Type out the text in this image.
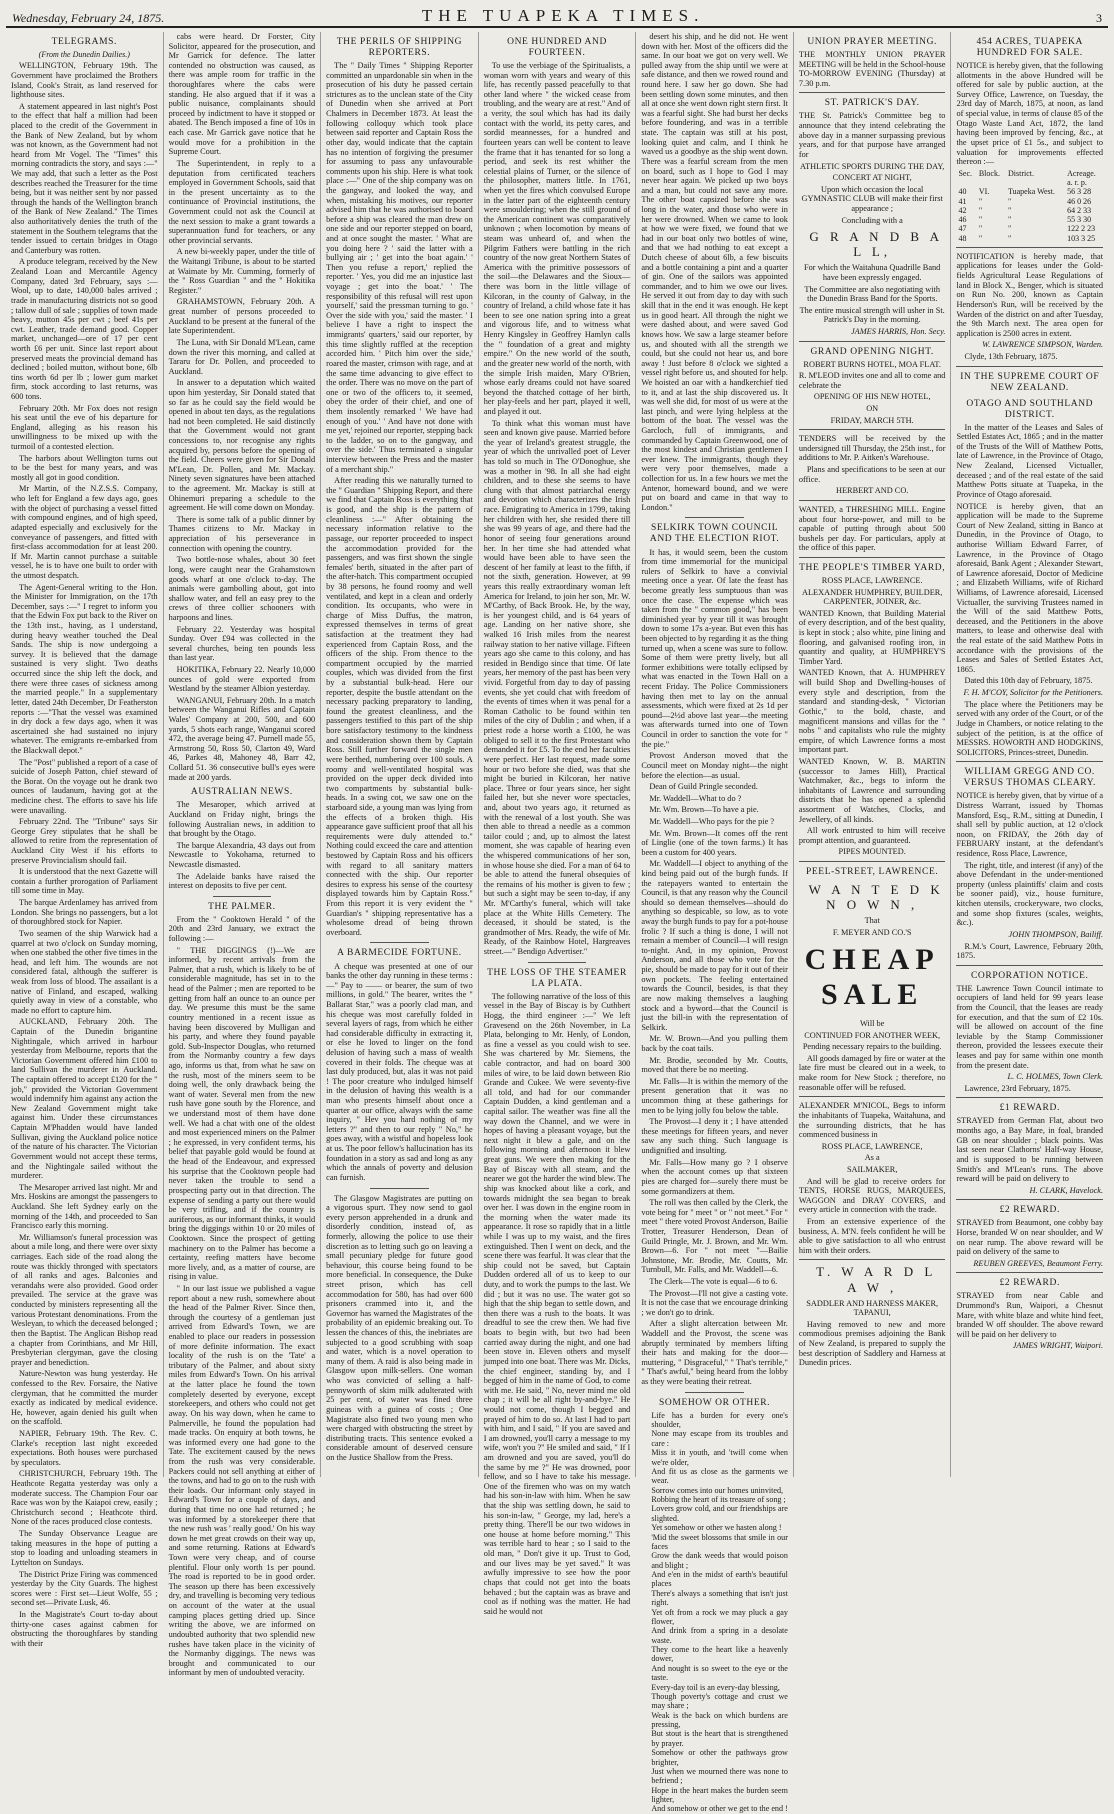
Wednesday, February 24, 1875.	THE TUAPEKA TIMES.	3
TELEGRAMS.
(From the Dunedin Dailies.)

WELLINGTON, February 19th. The Government have proclaimed the Brothers Island, Cook's Strait, as land reserved for lighthouse sites.

A statement appeared in last night's Post to the effect that half a million had been placed to the credit of the Government in the Bank of New Zealand, but by whom was not known, as the Government had not heard from Mr Vogel. The "Times" this morning contradicts the story, and says :—" We may add, that such a letter as the Post describes reached the Treasurer for the time being, but it was neither sent by nor passed through the hands of the Wellington branch of the Bank of New Zealand." The Times also authoritatively denies the truth of the statement in the Southern telegrams that the tender issued to certain bridges in Otago and Canterbury was rotten.

A produce telegram, received by the New Zealand Loan and Mercantile Agency Company, dated 3rd February, says :—Wool, up to date, 140,000 bales arrived ; trade in manufacturing districts not so good ; tallow dull of sale ; supplies of town made heavy, mutton 45s per cwt ; beef 41s per cwt. Leather, trade demand good. Copper market, unchanged—ore of 17 per cent worth £6 per unit. Since last report about preserved meats the provincial demand has declined ; boiled mutton, without bone, 6lb tins worth 6d per lb ; lower gum market firm, stock according to last returns, was 600 tons.

February 20th. Mr Fox does not resign his seat until the eve of his departure for England, alleging as his reason his unwillingness to be mixed up with the turmoil of a contested election.

The harbors about Wellington turns out to be the best for many years, and was mostly all got in good condition.

Mr Martin, of the N.Z.S.S. Company, who left for England a few days ago, goes with the object of purchasing a vessel fitted with compound engines, and of high speed, adapted especially and exclusively for the conveyance of passengers, and fitted with first-class accommodation for at least 200. If Mr. Martin cannot purchase a suitable vessel, he is to have one built to order with the utmost despatch.

The Agent-General writing to the Hon. the Minister for Immigration, on the 17th December, says :—" I regret to inform you that the Edwin Fox put back to the River on the 13th inst., having, as I understand, during heavy weather touched the Deal Sands. The ship is now undergoing a survey. It is believed that the damage sustained is very slight. Two deaths occurred since the ship left the dock, and there were three cases of sickness among the married people." In a supplementary letter, dated 24th December, Dr Featherston reports :—"That the vessel was examined in dry dock a few days ago, when it was ascertained she had sustained no injury whatever. The emigrants re-embarked from the Blackwall depot."

The "Post" published a report of a case of suicide of Joseph Patton, chief steward of the Borat. On the voyage out he drank two ounces of laudanum, having got at the medicine chest. The efforts to save his life were unavailing.

February 22nd. The "Tribune" says Sir George Grey stipulates that he shall be allowed to retire from the representation of Auckland City West if his efforts to preserve Provincialism should fail.

It is understood that the next Gazette will contain a further prorogation of Parliament till some time in May.

The barque Ardenlamey has arrived from London. She brings no passengers, but a lot of thoroughbred stock for Napier.

Two seamen of the ship Warwick had a quarrel at two o'clock on Sunday morning, when one stabbed the other five times in the head, and left him. The wounds are not considered fatal, although the sufferer is weak from loss of blood. The assailant is a native of Finland, and escaped, walking quietly away in view of a constable, who made no effort to capture him.

AUCKLAND, February 20th. The Captain of the Dunedin brigantine Nightingale, which arrived in harbour yesterday from Melbourne, reports that the Victorian Government offered him £100 to land Sullivan the murderer in Auckland. The captain offered to accept £120 for the " job," provided the Victorian Government would indemnify him against any action the New Zealand Government might take against him. Under these circumstances Captain M'Phadden would have landed Sullivan, giving the Auckland police notice of the nature of his character. The Victorian Government would not accept these terms, and the Nightingale sailed without the murderer.

The Mesaroper arrived last night. Mr and Mrs. Hoskins are amongst the passengers to Auckland. She left Sydney early on the morning of the 14th, and proceeded to San Francisco early this morning.

Mr. Williamson's funeral procession was about a mile long, and there were over sixty carriages. Each side of the road along the route was thickly thronged with spectators of all ranks and ages. Balconies and verandahs were also provided. Good order prevailed. The service at the grave was conducted by ministers representing all the various Protestant denominations. From the Wesleyan, to which the deceased belonged ; then the Baptist. The Anglican Bishop read a chapter from Corinthians, and Mr Hill, Presbyterian clergyman, gave the closing prayer and benediction.

Nature-Newton was hung yesterday. He confessed to the Rev. Forsaire, the Native clergyman, that he committed the murder exactly as indicated by medical evidence. He, however, again denied his guilt when on the scaffold.

NAPIER, February 19th. The Rev. C. Clarke's reception last night exceeded expectations. Both houses were purchased by speculators.

CHRISTCHURCH, February 19th. The Heathcote Regatta yesterday was only a moderate success. The Champion Four oar Race was won by the Kaiapoi crew, easily ; Christchurch second ; Heathcote third. None of the races produced close contests.

The Sunday Observance League are taking measures in the hope of putting a stop to loading and unloading steamers in Lyttelton on Sundays.

The District Prize Firing was commenced yesterday by the City Guards. The highest scores were : First set—Lieut Wolfe, 55 ; second set—Private Lusk, 46.

In the Magistrate's Court to-day about thirty-one cases against cabmen for obstructing the thoroughfares by standing with their

cabs were heard. Dr Forster, City Solicitor, appeared for the prosecution, and Mr Garrick for defence. The latter contended no obstruction was caused, as there was ample room for traffic in the thoroughfares where the cabs were standing. He also argued that if it was a public nuisance, complainants should proceed by indictment to have it stopped or abated. The Bench imposed a fine of 10s in each case. Mr Garrick gave notice that he would move for a prohibition in the Supreme Court.

The Superintendent, in reply to a deputation from certificated teachers employed in Government Schools, said that in the present uncertainty as to the continuance of Provincial institutions, the Government could not ask the Council at the next session to make a grant towards a superannuation fund for teachers, or any other provincial servants.

A new bi-weekly paper, under the title of the Waitangi Tribune, is about to be started at Waimate by Mr. Cumming, formerly of the " Ross Guardian " and the " Hokitika Register."

GRAHAMSTOWN, February 20th. A great number of persons proceeded to Auckland to be present at the funeral of the late Superintendent.

The Luna, with Sir Donald M'Lean, came down the river this morning, and called at Tararu for Dr. Pollen, and proceeded to Auckland.

In answer to a deputation which waited upon him yesterday, Sir Donald stated that so far as he could say the field would be opened in about ten days, as the regulations had not been completed. He said distinctly that the Government would not grant concessions to, nor recognise any rights acquired by, persons before the opening of the field. Cheers were given for Sir Donald M'Lean, Dr. Pollen, and Mr. Mackay. Ninety seven signatures have been attached to the agreement. Mr. Mackay is still at Ohinemuri preparing a schedule to the agreement. He will come down on Monday.

There is some talk of a public dinner by Thames citizens to Mr. Mackay in appreciation of his perseverance in connection with opening the country.

Two bottle-nose whales, about 30 feet long, were caught near the Grahamstown goods wharf at one o'clock to-day. The animals were gambolling about, got into shallow water, and fell an easy prey to the crews of three collier schooners with harpoons and lines.

February 22. Yesterday was hospital Sunday. Over £94 was collected in the several churches, being ten pounds less than last year.

HOKITIKA, February 22. Nearly 10,000 ounces of gold were exported from Westland by the steamer Albion yesterday.

WANGANUI, February 20th. In a match between the Wanganui Rifles and Captain Wales' Company at 200, 500, and 600 yards, 5 shots each range, Wanganui scored 472, the average being 47. Purnell made 55, Armstrong 50, Ross 50, Clarton 49, Ward 46, Parkes 48, Mahoney 48, Barr 42, Collard 51. 36 consecutive bull's eyes were made at 200 yards.

AUSTRALIAN NEWS.

The Mesaroper, which arrived at Auckland on Friday night, brings the following Australian news, in addition to that brought by the Otago.

The barque Alexandria, 43 days out from Newcastle to Yokohama, returned to Newcastle dismasted.

The Adelaide banks have raised the interest on deposits to five per cent.

THE PALMER.

From the " Cooktown Herald " of the 20th and 23rd January, we extract the following :—

" THE DIGGINGS (!)—We are informed, by recent arrivals from the Palmer, that a rush, which is likely to be of considerable magnitude, has set in to the head of the Palmer ; men are reported to be getting from half an ounce to an ounce per day. We presume this must be the same country mentioned in a recent issue as having been discovered by Mulligan and his party, and where they found payable gold. Sub-Inspector Douglas, who returned from the Normanby country a few days ago, informs us that, from what he saw on the rush, most of the miners seem to be doing well, the only drawback being the want of water. Several men from the new rush have gone south by the Florence, and we understand most of them have done well. We had a chat with one of the oldest and most experienced miners on the Palmer ; he expressed, in very confident terms, his belief that payable gold would be found at the head of the Endeavour, and expressed his surprise that the Cooktown people had never taken the trouble to send a prospecting party out in that direction. The expense of sending a party out there would be very trifling, and if the country is auriferous, as our informant thinks, it would bring the diggings within 10 or 20 miles of Cooktown. Since the prospect of getting machinery on to the Palmer has become a certainty, reefing matters have become more lively, and, as a matter of course, are rising in value.

" In our last issue we published a vague report about a new rush, somewhere about the head of the Palmer River. Since then, through the courtesy of a gentleman just arrived from Edward's Town, we are enabled to place our readers in possession of more definite information. The exact locality of the rush is on the 'Tate' a tributary of the Palmer, and about sixty miles from Edward's Town. On his arrival at the latter place he found the town completely deserted by everyone, except storekeepers, and others who could not get away. On his way down, when he came to Palmerville, he found the population had made tracks. On enquiry at both towns, he was informed every one had gone to the Tate. The excitement caused by the news from the rush was very considerable. Packers could not sell anything at either of the towns, and had to go on to the rush with their loads. Our informant only stayed in Edward's Town for a couple of days, and during that time no one had returned ; he was informed by a storekeeper there that the new rush was ' really good.' On his way down he met great crowds on their way up, and some returning. Rations at Edward's Town were very cheap, and of course plentiful. Flour only worth 1s per pound. The road is reported to be in good order. The season up there has been excessively dry, and travelling is becoming very tedious on account of the water at the usual camping places getting dried up. Since writing the above, we are informed on undoubted authority that two splendid new rushes have taken place in the vicinity of the Normanby diggings. The news was brought and communicated to our informant by men of undoubted veracity.

THE PERILS OF SHIPPING REPORTERS.

The " Daily Times " Shipping Reporter committed an unpardonable sin when in the prosecution of his duty he passed certain strictures as to the unclean state of the City of Dunedin when she arrived at Port Chalmers in December 1873. At least the following colloquy which took place between said reporter and Captain Ross the other day, would indicate that the captain has no intention of forgiving the presumer for assuming to pass any unfavourable comments upon his ship. Here is what took place :—" One of the ship company was on the gangway, and looked the way, and when, mistaking his motives, our reporter advised him that he was authorised to board before a ship was cleared the man drew on one side and our reporter stepped on board, and at once sought the master. ' What are you doing here ? ' said the latter with a bullying air ; ' get into the boat again.' ' Then you refuse a report,' replied the reporter. ' Yes, you did me an injustice last voyage ; get into the boat.' ' The responsibility of this refusal will rest upon yourself,' said the pressman turning to go. ' Over the side with you,' said the master. ' I believe I have a right to inspect the immigrants' quarters,' said our reporter, by this time slightly ruffled at the reception accorded him. ' Pitch him over the side,' roared the master, crimson with rage, and at the same time advancing to give effect to the order. There was no move on the part of one or two of the officers to, it seemed, obey the order of their chief, and one of them insolently remarked ' We have had enough of you.' ' And have not done with me yet,' rejoined our reporter, stepping back to the ladder, so on to the gangway, and over the side.' Thus terminated a singular interview between the Press and the master of a merchant ship."

After reading this we naturally turned to the " Guardian " Shipping Report, and there we find that Captain Ross is everything that is good, and the ship is the pattern of cleanliness :—" After obtaining the necessary information relative to the passage, our reporter proceeded to inspect the accommodation provided for the passengers, and was first shown the single females' berth, situated in the after part of the after-hatch. This compartment occupied by 38 persons, he found roomy and well ventilated, and kept in a clean and orderly condition. Its occupants, who were in charge of Miss Duffus, the matron, expressed themselves in terms of great satisfaction at the treatment they had experienced from Captain Ross, and the officers of the ship. From thence to the compartment occupied by the married couples, which was divided from the first by a substantial bulk-head. Here our reporter, despite the bustle attendant on the necessary packing preparatory to landing, found the greatest cleanliness, and the passengers testified to this part of the ship bore satisfactory testimony to the kindness and consideration shown them by Captain Ross. Still further forward the single men were berthed, numbering over 100 souls. A roomy and well-ventilated hospital was provided on the upper deck divided into two compartments by substantial bulk-heads. In a swing cot, we saw one on the starboard side, a young man was lying from the effects of a broken thigh. His appearance gave sufficient proof that all his requirements were duly attended to." Nothing could exceed the care and attention bestowed by Captain Ross and his officers with regard to all sanitary matters connected with the ship. Our reporter desires to express his sense of the courtesy displayed towards him by Captain Ross." From this report it is very evident the " Guardian's " shipping representative has a wholesome dread of being thrown overboard.

A BARMECIDE FORTUNE.

A cheque was presented at one of our banks the other day running in these terms :—" Pay to —— or bearer, the sum of two millions, in gold." The bearer, writes the " Ballarat Star," was a poorly clad man, and his cheque was most carefully folded in several layers of rags, from which he either had considerable difficulty in extracting it, or else he loved to linger on the fond delusion of having such a mass of wealth covered in their folds. The cheque was at last duly produced, but, alas it was not paid ! The poor creature who indulged himself in the delusion of having this wealth is a man who presents himself about once a quarter at our office, always with the same inquiry, " Hev you hard nothing of my letters ?" and then to our reply " No," he goes away, with a wistful and hopeless look at us. The poor fellow's hallucination has its foundation in a story as sad and long as any which the annals of poverty and delusion can furnish.

The Glasgow Magistrates are putting on a vigorous spurt. They now send to gaol every person apprehended in a drunk and disorderly condition, instead of, as formerly, allowing the police to use their discretion as to letting such go on leaving a small pecuniary pledge for future good behaviour, this course being found to be more beneficial. In consequence, the Duke street prison, which has cell accommodation for 580, has had over 600 prisoners crammed into it, and the Governor has warned the Magistrates of the probability of an epidemic breaking out. To lessen the chances of this, the inebriates are subjected to a good scrubbing with soap and water, which is a novel operation to many of them. A raid is also being made in Glasgow upon milk-sellers. One woman who was convicted of selling a half-pennyworth of skim milk adulterated with 25 per cent, of water was fined three guineas with a guinea of costs ; One Magistrate also fined two young men who were charged with obstructing the street by distributing tracts. This sentence evoked a considerable amount of deserved censure on the Justice Shallow from the Press.

ONE HUNDRED AND FOURTEEN.

To use the verbiage of the Spiritualists, a woman worn with years and weary of this life, has recently passed peacefully to that other land where " the wicked cease from troubling, and the weary are at rest." And of a verity, the soul which has had its daily contact with the world, its petty cares, and sordid meannesses, for a hundred and fourteen years can well be content to leave the frame that it has tenanted for so long a period, and seek its rest whither the celestial plains of Turner, or the silence of the philosopher, matters little. In 1761, when yet the fires which convulsed Europe in the latter part of the eighteenth century were smouldering; when the still ground of the American continent was comparatively unknown ; when locomotion by means of steam was unheard of, and when the Pilgrim Fathers were battling in the rich country of the now great Northern States of America with the primitive possessors of the soil—the Delawares and the Sioux—there was born in the little village of Kilcoran, in the county of Galway, in the country of Ireland, a child whose fate it has been to see one nation spring into a great and vigorous life, and to witness what Henry Kingsley in Geoffrey Hamlyn calls the " foundation of a great and mighty empire." On the new world of the south, and the greater new world of the north, with the simple Irish maiden, Mary O'Brien, whose early dreams could not have soared beyond the thatched cottage of her birth, her play-feels and her part, played it well, and played it out.

To think what this woman must have seen and known give pause. Married before the year of Ireland's greatest struggle, the year of which the unrivalled poet of Lever has told so much in The O'Donoghue, she was a mother in '98. In all she had eight children, and to these she seems to have clung with that almost patriarchal energy and devotion which characterizes the Irish race. Emigrating to America in 1799, taking her children with her, she resided there till she was 99 years of age, and there had the honor of seeing four generations around her. In her time she had attended what would have been able to have seen the descent of her family at least to the fifth, if not the sixth, generation. However, at 99 years this really extraordinary woman left America for Ireland, to join her son, Mr. W. M'Carthy, of Back Brook. He, by the way, is her youngest child, and is 64 years of age. Landing on her native shore, she walked 16 Irish miles from the nearest railway station to her native village. Fifteen years ago she came to this colony, and has resided in Bendigo since that time. Of late years, her memory of the past has been very vivid. Forgetful from day to day of passing events, she yet could chat with freedom of the events of times when it was penal for a Roman Catholic to be found within ten miles of the city of Dublin ; and when, if a priest rode a horse worth a £100, he was obliged to sell it to the first Protestant who demanded it for £5. To the end her faculties were perfect. Her last request, made some hour or two before she died, was that she might be buried in Kilcoran, her native place. Three or four years since, her sight failed her, but she never wore spectacles, and, about two years ago, it returned as with the renewal of a lost youth. She was then able to thread a needle as a common tailor could ; and, up to almost the latest moment, she was capable of hearing even the whispered communications of her son, in whose house she died. For a man of 64 to be able to attend the funeral obsequies of the remains of his mother is given to few ; but such a sight may be seen to-day, if any Mr. M'Carthy's funeral, which will take place at the White Hills Cemetery. The deceased, it should be stated, is the grandmother of Mrs. Ready, the wife of Mr. Ready, of the Rainbow Hotel, Hargreaves street.—" Bendigo Advertiser."

THE LOSS OF THE STEAMER LA PLATA.

The following narrative of the loss of this vessel in the Bay of Biscay is by Cuthbert Hogg, the third engineer :—" We left Gravesend on the 26th November, in La Plata, belonging to Mr. Henly, of London, as fine a vessel as you could wish to see. She was chartered by Mr. Siemens, the cable contractor, and had on board 300 miles of wire, to be laid down between Rio Grande and Cukee. We were seventy-five all told, and had for our commander Captain Dudden, a kind gentleman and a capital sailor. The weather was fine all the way down the Channel, and we were in hopes of having a pleasant voyage, but the next night it blew a gale, and on the following morning and afternoon it blew great guns. We were then making for the Bay of Biscay with all steam, and the nearer we got the harder the wind blew. The ship was knocked about like a cork, and towards midnight the sea began to break over her. I was down in the engine room in the morning when the water made its appearance. It rose so rapidly that in a little while I was up to my waist, and the fires extinguished. Then I went on deck, and the scene there was fearful. It was clear that the ship could not be saved, but Captain Dudden ordered all of us to keep to our duty, and to work the pumps to the last. We did ; but it was no use. The water got so high that the ship began to settle down, and then there was a rush to the boats. It was dreadful to see the crew then. We had five boats to begin with, but two had been carried away during the night, and one had been stove in. Eleven others and myself jumped into one boat. There was Mr. Dicks, the chief engineer, standing by, and I begged of him in the name of God, to come with me. He said, " No, never mind me old chap ; it will be all right by-and-bye." He would not come, though I begged and prayed of him to do so. At last I had to part with him, and I said, " If you are saved and I am drowned, you'll carry a message to my wife, won't you ?" He smiled and said, " If I am drowned and you are saved, you'll do the same by me ?" He was drowned, poor fellow, and so I have to take his message. One of the firemen who was on my watch had his son-in-law with him. When he saw that the ship was settling down, he said to his son-in-law, " George, my lad, here's a pretty thing. There'll be our two widows in one house at home before morning." This was terrible hard to hear ; so I said to the old man, " Don't give it up. Trust to God, and our lives may be yet saved." It was awfully impressive to see how the poor chaps that could not get into the boats behaved ; but the captain was as brave and cool as if nothing was the matter. He had said he would not

desert his ship, and he did not. He went down with her. Most of the officers did the same. In our boat we got on very well. We pulled away from the ship until we were at safe distance, and then we rowed round and round here. I saw her go down. She had been settling down some minutes, and then all at once she went down right stern first. It was a fearful sight. She had burst her decks before foundering, and was in a terrible state. The captain was still at his post, looking quiet and calm, and I think he waved us a goodbye as the ship went down. There was a fearful scream from the men on board, such as I hope to God I may never hear again. We picked up two boys and a man, but could not save any more. The other boat capsized before she was long in the water, and those who were in her were drowned. When we came to look at how we were fixed, we found that we had in our boat only two bottles of wine, and that we had nothing to eat except a Dutch cheese of about 6lb, a few biscuits and a bottle containing a pint and a quarter of gin. One of the sailors was appointed commander, and to him we owe our lives. He served it out from day to day with such skill that in the end it was enough. He kept us in good heart. All through the night we were dashed about, and were saved God knows how. We saw a large steamer before us, and shouted with all the strength we could, but she could not hear us, and bore away ! Just before 8 o'clock we sighted a vessel right before us, and shouted for help. We hoisted an oar with a handkerchief tied to it, and at last the ship discovered us. It was well she did, for most of us were at the last pinch, and were lying helpless at the bottom of the boat. The vessel was the Garcloch, full of immigrants, and commanded by Captain Greenwood, one of the most kindest and Christian gentlemen I ever knew. The immigrants, though they were very poor themselves, made a collection for us. In a few hours we met the Antenor, homeward bound, and we were put on board and came in that way to London."

SELKIRK TOWN COUNCIL AND THE ELECTION RIOT.

It has, it would seem, been the custom from time immemorial for the municipal rulers of Selkirk to have a convivial meeting once a year. Of late the feast has become greatly less sumptuous than was once the case. The expense which was taken from the " common good," has been diminished year by year till it was brought down to some 17s a-year. But even this has been objected to by regarding it as the thing turned up, when a scene was sure to follow. Some of them were pretty lively, but all former exhibitions were totally eclipsed by what was enacted in the Town Hall on a recent Friday. The Police Commissioners having then met to lay on the annual assessments, which were fixed at 2s 1d per pound—2½d above last year—the meeting was afterwards turned into one of Town Council in order to sanction the vote for " the pie."

Provost Anderson moved that the Council meet on Monday night—the night before the election—as usual.

Dean of Guild Pringle seconded.

Mr. Waddell—What to do ?

Mr. Wm. Brown—To have a pie.

Mr. Waddell—Who pays for the pie ?

Mr. Wm. Brown—It comes off the rent of Linglie (one of the town farms.) It has been a custom for 400 years.

Mr. Waddell—I object to anything of the kind being paid out of the burgh funds. If the ratepayers wanted to entertain the Council, is that any reason why the Council should so demean themselves—should do anything so despicable, so low, as to vote away the burgh funds to pay for a pot-house frolic ? If such a thing is done, I will not remain a member of Council—I will resign to-night. And, in my opinion, Provost Anderson, and all those who vote for the pie, should be made to pay for it out of their own pockets. The feeling entertained towards the Council, besides, is that they are now making themselves a laughing stock and a byword—that the Council is just the bill-in with the representation of Selkirk.

Mr. W. Brown—And you pulling them back by the coat tails.

Mr. Brodie, seconded by Mr. Coutts, moved that there be no meeting.

Mr. Falls—It is within the memory of the present generation that it was no uncommon thing at these gatherings for men to be lying jolly fou below the table.

The Provost—I deny it ; I have attended these meetings for fifteen years, and never saw any such thing. Such language is undignified and insulting.

Mr. Falls—How many go ? I observe when the account comes up that sixteen pies are charged for—surely there must be some gormandizers at them.

The roll was then called by the Clerk, the vote being for " meet " or " not meet." For " meet " there voted Provost Anderson, Bailie Trotter, Treasurer Henderson, Dean of Guild Pringle, Mr. J. Brown, and Mr. Wm. Brown—6. For " not meet "—Bailie Johnstone, Mr. Brodie, Mr. Coutts, Mr. Turnbull, Mr. Falls, and Mr. Waddell—6.

The Clerk—The vote is equal—6 to 6.

The Provost—I'll not give a casting vote. It is not the case that we encourage drinking ; we don't go to drink.

After a slight altercation between Mr. Waddell and the Provost, the scene was abruptly terminated by members lifting their hats and making for the door—muttering, " Disgraceful," " That's terrible," " That's awful," being heard from the lobby as they were beating their retreat.

SOMEHOW OR OTHER.

Life has a burden for every one's shoulder,
None may escape from its troubles and care :
Miss it in youth, and 'twill come when we're older,
And fit us as close as the garments we wear.
Sorrow comes into our homes uninvited,
Robbing the heart of its treasure of song ;
Lovers grow cold, and our friendships are slighted.
Yet somehow or other we hasten along !
'Mid the sweet blossoms that smile in our faces
Grow the dank weeds that would poison and blight ;
And e'en in the midst of earth's beautiful places
There's always a something that isn't just right.
Yet oft from a rock we may pluck a gay flower,
And drink from a spring in a desolate waste.
They come to the heart like a heavenly dower,
And nought is so sweet to the eye or the taste.
Every-day toil is an every-day blessing,
Though poverty's cottage and crust we may share ;
Weak is the back on which burdens are pressing,
But stout is the heart that is strengthened by prayer.
Somehow or other the pathways grow brighter,
Just when we mourned there was none to befriend ;
Hope in the heart makes the burden seem lighter,
And somehow or other we get to the end !

UNION PRAYER MEETING.

THE MONTHLY UNION PRAYER MEETING will be held in the School-house TO-MORROW EVENING (Thursday) at 7.30 p.m.

ST. PATRICK'S DAY.

THE St. Patrick's Committee beg to announce that they intend celebrating the above day in a manner surpassing previous years, and for that purpose have arranged for

ATHLETIC SPORTS DURING THE DAY,

CONCERT AT NIGHT,

Upon which occasion the local GYMNASTIC CLUB will make their first appearance ;

Concluding with a

G R A N D B A L L,

For which the Waitahuna Quadrille Band have been expressly engaged.

The Committee are also negotiating with the Dunedin Brass Band for the Sports.

The entire musical strength will usher in St. Patrick's Day in the morning.

JAMES HARRIS, Hon. Secy.

GRAND OPENING NIGHT.

ROBERT BURNS HOTEL, MOA FLAT.

R. M'LEOD invites one and all to come and celebrate the

OPENING OF HIS NEW HOTEL,

ON

FRIDAY, MARCH 5TH.

TENDERS will be received by the undersigned till Thursday, the 25th inst., for additions to Mr. P. Aitken's Warehouse.

Plans and specifications to be seen at our office.

HERBERT AND CO.

WANTED, a THRESHING MILL. Engine about four horse-power, and mill to be capable of putting through about 500 bushels per day. For particulars, apply at the office of this paper.

THE PEOPLE'S TIMBER YARD,

ROSS PLACE, LAWRENCE.

ALEXANDER HUMPHREY, BUILDER, CARPENTER, JOINER, &c.

WANTED Known, that Building Material of every description, and of the best quality, is kept in stock ; also white, pine lining and flooring, and galvanised roofing iron, in quantity and quality, at HUMPHREY'S Timber Yard.

WANTED Known, that A. HUMPHREY will build Shop and Dwelling-houses of every style and description, from the standard and standing-desk, " Victorian Gothic," to the bold, chaste, and magnificent mansions and villas for the " nobs " and capitalists who rule the mighty empire, of which Lawrence forms a most important part.

WANTED Known, W. B. MARTIN (successor to James Hill), Practical Watchmaker, &c., begs to inform the inhabitants of Lawrence and surrounding districts that he has opened a splendid assortment of Watches, Clocks, and Jewellery, of all kinds.

All work entrusted to him will receive prompt attention, and guaranteed.

PIPES MOUNTED.

PEEL-STREET, LAWRENCE.

W A N T E D K N O W N ,

That

F. MEYER AND CO.'S

CHEAP SALE

Will be

CONTINUED FOR ANOTHER WEEK,

Pending necessary repairs to the building.

All goods damaged by fire or water at the late fire must be cleared out in a week, to make room for New Stock ; therefore, no reasonable offer will be refused.

ALEXANDER M'NICOL, Begs to inform the inhabitants of Tuapeka, Waitahuna, and the surrounding districts, that he has commenced business in

ROSS PLACE, LAWRENCE,

As a

SAILMAKER,

And will be glad to receive orders for TENTS, HORSE RUGS, MARQUEES, WAGGON and DRAY COVERS, and every article in connection with the trade.

From an extensive experience of the business, A. M'N. feels confident he will be able to give satisfaction to all who entrust him with their orders.

T. W A R D L A W ,

SADDLER AND HARNESS MAKER, TAPANUI,

Having removed to new and more commodious premises adjoining the Bank of New Zealand, is prepared to supply the best description of Saddlery and Harness at Dunedin prices.

454 ACRES, TUAPEKA HUNDRED FOR SALE.

NOTICE is hereby given, that the following allotments in the above Hundred will be offered for sale by public auction, at the Survey Office, Lawrence, on Tuesday, the 23rd day of March, 1875, at noon, as land of special value, in terms of clause 85 of the Otago Waste Land Act, 1872, the land having been improved by fencing, &c., at the upset price of £1 5s., and subject to valuation for improvements effected thereon :—

Sec.	Block.	District.	Acreage.
			a. r. p.
40	VI.	Tuapeka West.	56 3 28
41	"	"	46 0 26
42	"	"	64 2 33
46	"	"	55 3 30
47	"	"	122 2 23
48	"	"	103 3 25

NOTIFICATION is hereby made, that applications for leases under the Gold-fields Agricultural Lease Regulations of land in Block X., Benger, which is situated on Run No. 200, known as Captain Henderson's Run, will be received by the Warden of the district on and after Tuesday, the 9th March next. The area open for application is 2500 acres in extent.

W. LAWRENCE SIMPSON, Warden.

Clyde, 13th February, 1875.

IN THE SUPREME COURT OF NEW ZEALAND.
OTAGO AND SOUTHLAND DISTRICT.

In the matter of the Leases and Sales of Settled Estates Act, 1865 ; and in the matter of the Trusts of the Will of Matthew Potts, late of Lawrence, in the Province of Otago, New Zealand, Licensed Victualler, deceased ; and of the real estate of the said Matthew Potts situate at Tuapeka, in the Province of Otago aforesaid.

NOTICE is hereby given, that an application will be made to the Supreme Court of New Zealand, sitting in Banco at Dunedin, in the Province of Otago, to authorise William Edward Farrer, of Lawrence, in the Province of Otago aforesaid, Bank Agent ; Alexander Stewart, of Lawrence aforesaid, Doctor of Medicine ; and Elizabeth Williams, wife of Richard Williams, of Lawrence aforesaid, Licensed Victualler, the surviving Trustees named in the Will of the said Matthew Potts, deceased, and the Petitioners in the above matters, to lease and otherwise deal with the real estate of the said Matthew Potts in accordance with the provisions of the Leases and Sales of Settled Estates Act, 1865.

Dated this 10th day of February, 1875.

F. H. M'COY, Solicitor for the Petitioners.

The place where the Petitioners may be served with any order of the Court, or of the Judge in Chambers, or notice relating to the subject of the petition, is at the office of MESSRS. HOWORTH AND HODGKINS, SOLICITORS, Princes-street, Dunedin.

WILLIAM GREGG AND CO. VERSUS THOMAS CLEARY.

NOTICE is hereby given, that by virtue of a Distress Warrant, issued by Thomas Mansford, Esq., R.M., sitting at Dunedin, I shall sell by public auction, at 12 o'clock noon, on FRIDAY, the 26th day of FEBRUARY instant, at the defendant's residence, Ross Place, Lawrence,

The right, title, and interest (if any) of the above Defendant in the under-mentioned property (unless plaintiffs' claim and costs be sooner paid), viz., house furniture, kitchen utensils, crockeryware, two clocks, and some shop fixtures (scales, weights, &c.).

JOHN THOMPSON, Bailiff.

R.M.'s Court, Lawrence, February 20th, 1875.

CORPORATION NOTICE.

THE Lawrence Town Council intimate to occupiers of land held for 99 years lease from the Council, that the leases are ready for execution, and that the sum of £2 10s. will be allowed on account of the fine leviable by the Stamp Commissioner thereon, provided the lessees execute their leases and pay for same within one month from the present date.

L. C. HOLMES, Town Clerk.

Lawrence, 23rd February, 1875.

£1 REWARD.

STRAYED from German Flat, about two months ago, a Bay Mare, in foal, branded GB on near shoulder ; black points. Was last seen near Clathorns' Half-way House, and is supposed to be running between Smith's and M'Lean's runs. The above reward will be paid on delivery to

H. CLARK, Havelock.

£2 REWARD.

STRAYED from Beaumont, one cobby bay Horse, branded W on near shoulder, and W on near rump. The above reward will be paid on delivery of the same to

REUBEN GREEVES, Beaumont Ferry.

£2 REWARD.

STRAYED from near Cable and Drummond's Run, Waipori, a Chesnut Mare, with white blaze and white hind feet, branded W off shoulder. The above reward will be paid on her delivery to

JAMES WRIGHT, Waipori.
